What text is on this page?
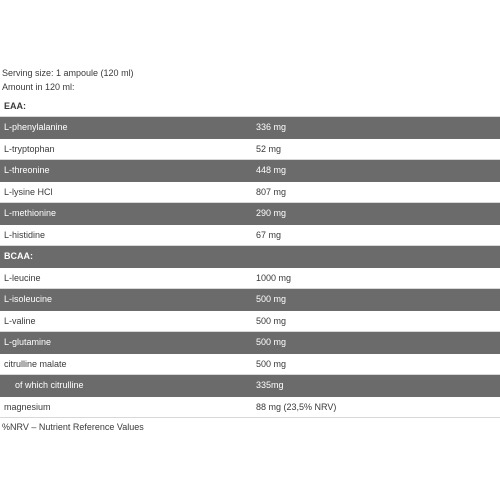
Serving size: 1 ampoule (120 ml)

Amount in 120 ml:

EAA:	
L-phenylalanine	336 mg
L-tryptophan	52 mg
L-threonine	448 mg
L-lysine HCl	807 mg
L-methionine	290 mg
L-histidine	67 mg
BCAA:	
L-leucine	1000 mg
L-isoleucine	500 mg
L-valine	500 mg
L-glutamine	500 mg
citrulline malate	500 mg
of which citrulline	335mg
magnesium	88 mg (23,5% NRV)

%NRV – Nutrient Reference Values
